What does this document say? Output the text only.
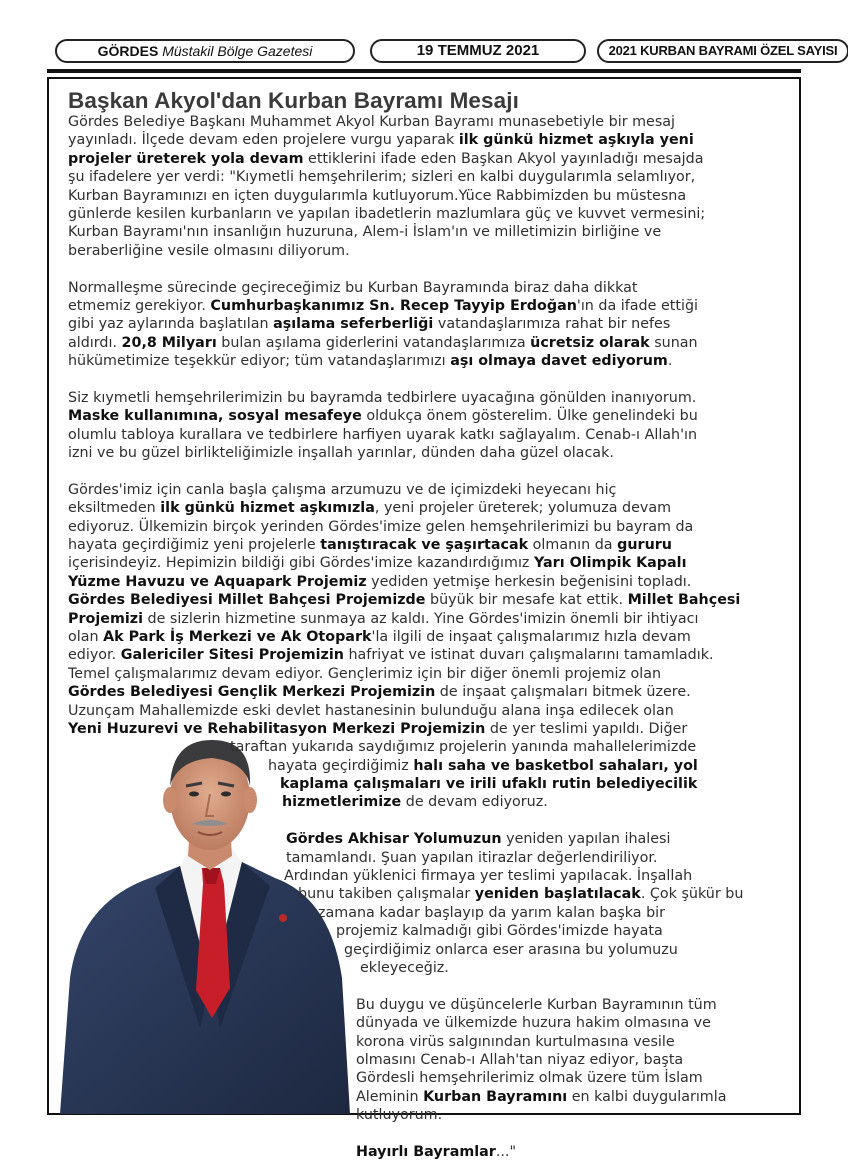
GÖRDES Müstakil Bölge Gazetesi	19 TEMMUZ 2021	2021 KURBAN BAYRAMI ÖZEL SAYISI
Başkan Akyol'dan Kurban Bayramı Mesajı
Gördes Belediye Başkanı Muhammet Akyol Kurban Bayramı munasebetiyle bir mesaj
yayınladı. İlçede devam eden projelere vurgu yaparak ilk günkü hizmet aşkıyla yeni
projeler üreterek yola devam ettiklerini ifade eden Başkan Akyol yayınladığı mesajda
şu ifadelere yer verdi: "Kıymetli hemşehrilerim; sizleri en kalbi duygularımla selamlıyor,
Kurban Bayramınızı en içten duygularımla kutluyorum.Yüce Rabbimizden bu müstesna
günlerde kesilen kurbanların ve yapılan ibadetlerin mazlumlara güç ve kuvvet vermesini;
Kurban Bayramı'nın insanlığın huzuruna, Alem-i İslam'ın ve milletimizin birliğine ve
beraberliğine vesile olmasını diliyorum.
Normalleşme sürecinde geçireceğimiz bu Kurban Bayramında biraz daha dikkat
etmemiz gerekiyor. Cumhurbaşkanımız Sn. Recep Tayyip Erdoğan'ın da ifade ettiği
gibi yaz aylarında başlatılan aşılama seferberliği vatandaşlarımıza rahat bir nefes
aldırdı. 20,8 Milyarı bulan aşılama giderlerini vatandaşlarımıza ücretsiz olarak sunan
hükümetimize teşekkür ediyor; tüm vatandaşlarımızı aşı olmaya davet ediyorum.
Siz kıymetli hemşehrilerimizin bu bayramda tedbirlere uyacağına gönülden inanıyorum.
Maske kullanımına, sosyal mesafeye oldukça önem gösterelim. Ülke genelindeki bu
olumlu tabloya kurallara ve tedbirlere harfiyen uyarak katkı sağlayalım. Cenab-ı Allah'ın
izni ve bu güzel birlikteliğimizle inşallah yarınlar, dünden daha güzel olacak.
Gördes'imiz için canla başla çalışma arzumuzu ve de içimizdeki heyecanı hiç
eksiltmeden ilk günkü hizmet aşkımızla, yeni projeler üreterek; yolumuza devam
ediyoruz. Ülkemizin birçok yerinden Gördes'imize gelen hemşehrilerimizi bu bayram da
hayata geçirdiğimiz yeni projelerle tanıştıracak ve şaşırtacak olmanın da gururu
içerisindeyiz. Hepimizin bildiği gibi Gördes'imize kazandırdığımız Yarı Olimpik Kapalı
Yüzme Havuzu ve Aquapark Projemiz yediden yetmişe herkesin beğenisini topladı.
Gördes Belediyesi Millet Bahçesi Projemizde büyük bir mesafe kat ettik. Millet Bahçesi
Projemizi de sizlerin hizmetine sunmaya az kaldı. Yine Gördes'imizin önemli bir ihtiyacı
olan Ak Park İş Merkezi ve Ak Otopark'la ilgili de inşaat çalışmalarımız hızla devam
ediyor. Galericiler Sitesi Projemizin hafriyat ve istinat duvarı çalışmalarını tamamladık.
Temel çalışmalarımız devam ediyor. Gençlerimiz için bir diğer önemli projemiz olan
Gördes Belediyesi Gençlik Merkezi Projemizin de inşaat çalışmaları bitmek üzere.
Uzunçam Mahallemizde eski devlet hastanesinin bulunduğu alana inşa edilecek olan
Yeni Huzurevi ve Rehabilitasyon Merkezi Projemizin de yer teslimi yapıldı. Diğer
taraftan yukarıda saydığımız projelerin yanında mahallelerimizde
hayata geçirdiğimiz halı saha ve basketbol sahaları, yol
kaplama çalışmaları ve irili ufaklı rutin belediyecilik
hizmetlerimize de devam ediyoruz.
Gördes Akhisar Yolumuzun yeniden yapılan ihalesi
tamamlandı. Şuan yapılan itirazlar değerlendiriliyor.
Ardından yüklenici firmaya yer teslimi yapılacak. İnşallah
bunu takiben çalışmalar yeniden başlatılacak. Çok şükür bu
zamana kadar başlayıp da yarım kalan başka bir
projemiz kalmadığı gibi Gördes'imizde hayata
geçirdiğimiz onlarca eser arasına bu yolumuzu
ekleyeceğiz.
Bu duygu ve düşüncelerle Kurban Bayramının tüm
dünyada ve ülkemizde huzura hakim olmasına ve
korona virüs salgınından kurtulmasına vesile
olmasını Cenab-ı Allah'tan niyaz ediyor, başta
Gördesli hemşehrilerimiz olmak üzere tüm İslam
Aleminin Kurban Bayramını en kalbi duygularımla
kutluyorum.
Hayırlı Bayramlar..."
